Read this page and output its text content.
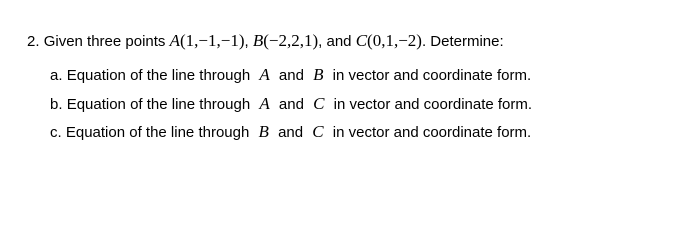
2. Given three points A(1,−1,−1), B(−2,2,1), and C(0,1,−2). Determine:
a. Equation of the line through A and B in vector and coordinate form.
b. Equation of the line through A and C in vector and coordinate form.
c. Equation of the line through B and C in vector and coordinate form.
